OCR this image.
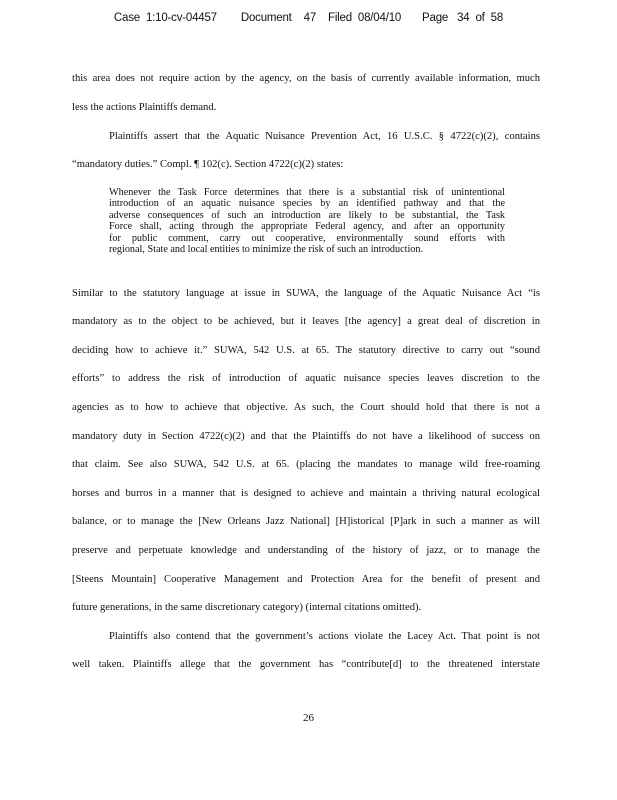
Case  1:10-cv-04457        Document    47    Filed  08/04/10       Page   34  of  58
this area does not require action by the agency, on the basis of currently available information, much
less the actions Plaintiffs demand.
Plaintiffs assert that the Aquatic Nuisance Prevention Act, 16 U.S.C. § 4722(c)(2), contains
“mandatory duties.” Compl. ¶ 102(c). Section 4722(c)(2) states:
Whenever the Task Force determines that there is a substantial risk of unintentional
introduction of an aquatic nuisance species by an identified pathway and that the
adverse consequences of such an introduction are likely to be substantial, the Task
Force shall, acting through the appropriate Federal agency, and after an opportunity
for public comment, carry out cooperative, environmentally sound efforts with
regional, State and local entities to minimize the risk of such an introduction.
Similar to the statutory language at issue in SUWA, the language of the Aquatic Nuisance Act “is
mandatory as to the object to be achieved, but it leaves [the agency] a great deal of discretion in
deciding how to achieve it.” SUWA, 542 U.S. at 65. The statutory directive to carry out “sound
efforts” to address the risk of introduction of aquatic nuisance species leaves discretion to the
agencies as to how to achieve that objective. As such, the Court should hold that there is not a
mandatory duty in Section 4722(c)(2) and that the Plaintiffs do not have a likelihood of success on
that claim. See also SUWA, 542 U.S. at 65. (placing the mandates to manage wild free-roaming
horses and burros in a manner that is designed to achieve and maintain a thriving natural ecological
balance, or to manage the [New Orleans Jazz National] [H]istorical [P]ark in such a manner as will
preserve and perpetuate knowledge and understanding of the history of jazz, or to manage the
[Steens Mountain] Cooperative Management and Protection Area for the benefit of present and
future generations, in the same discretionary category) (internal citations omitted).
Plaintiffs also contend that the government’s actions violate the Lacey Act. That point is not
well taken. Plaintiffs allege that the government has “contribute[d] to the threatened interstate
26
